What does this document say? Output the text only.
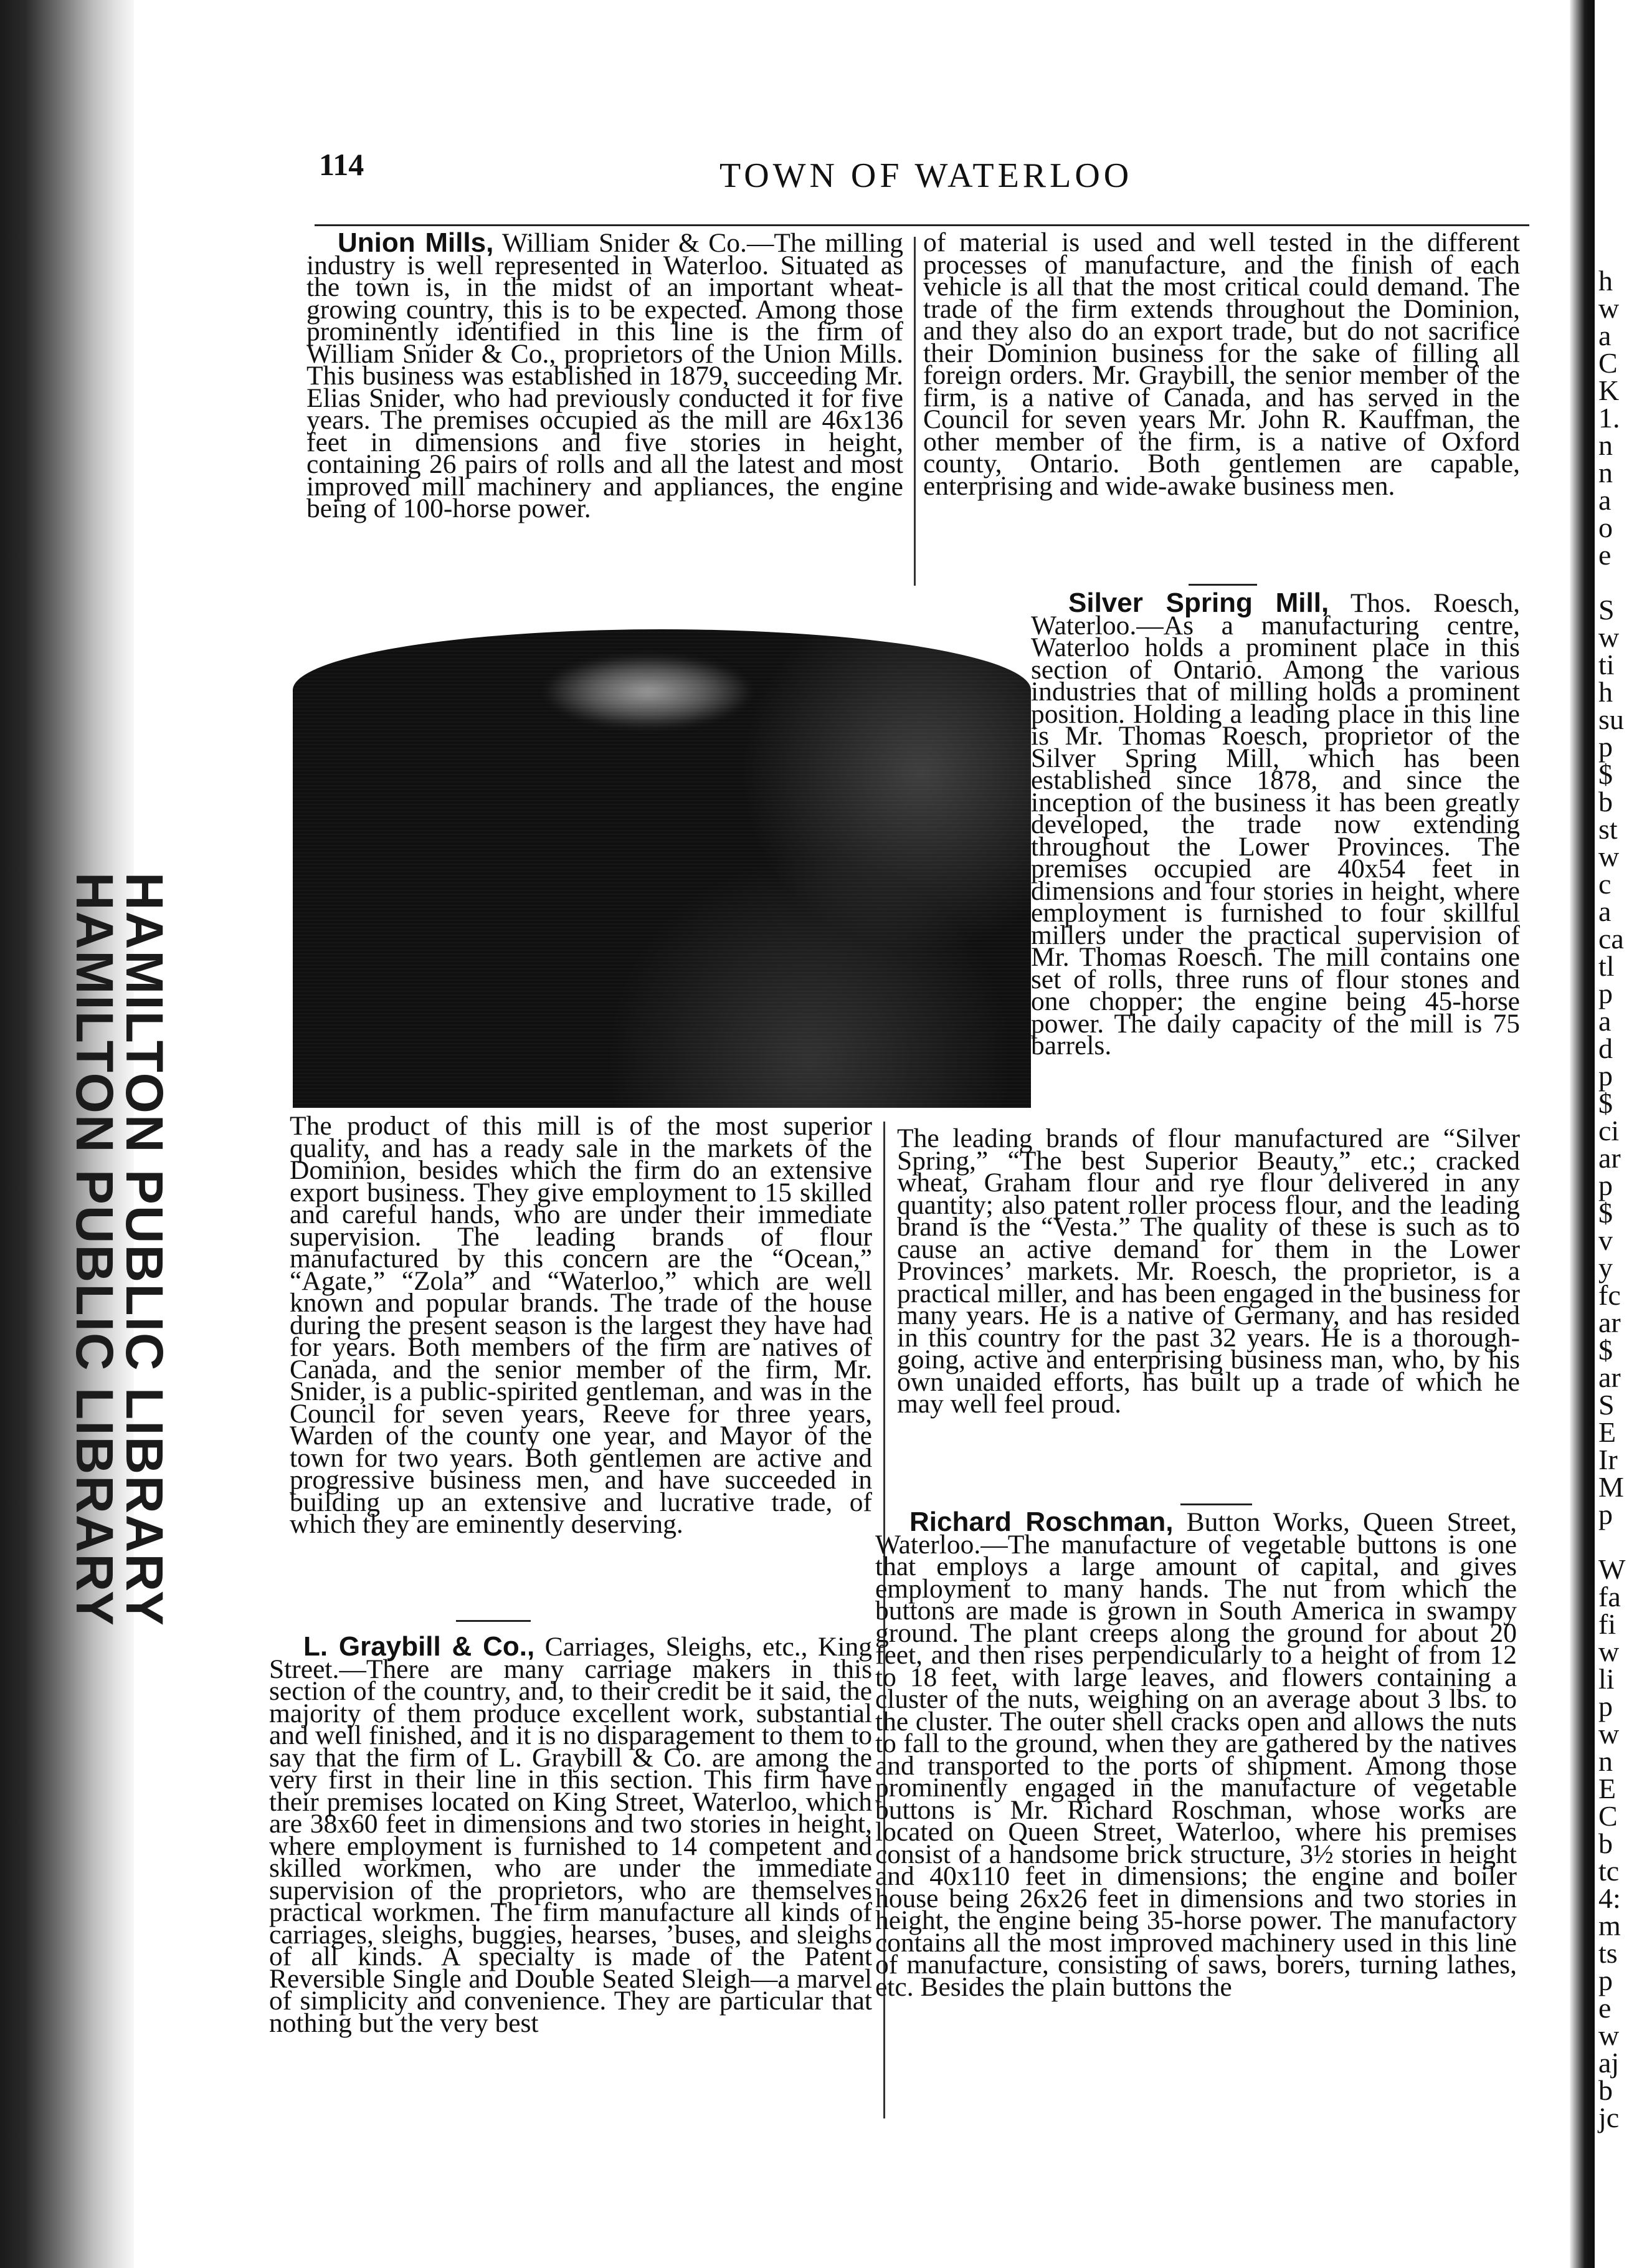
HAMILTON PUBLIC LIBRARY
HAMILTON PUBLIC LIBRARY
h
w
a
C
K
1.
n
n
a
o
e
S
w
ti
h
su
p
$
b
st
w
c
a
ca
tl
p
a
d
p
$
ci
ar
p
$
v
y
fc
ar
$
ar
S
E
Ir
M
p
W
fa
fi
w
li
p
w
n
E
C
b
tc
4:
m
ts
p
e
w
aj
b
jc
114	TOWN OF WATERLOO

Union Mills, William Snider & Co.—The milling industry is well represented in Waterloo. Situated as the town is, in the midst of an important wheat-growing country, this is to be expected. Among those prominently identified in this line is the firm of William Snider & Co., proprietors of the Union Mills. This business was established in 1879, succeeding Mr. Elias Snider, who had previously conducted it for five years. The premises occupied as the mill are 46x136 feet in dimensions and five stories in height, containing 26 pairs of rolls and all the latest and most improved mill machinery and appliances, the engine being of 100-horse power.

of material is used and well tested in the different processes of manufacture, and the finish of each vehicle is all that the most critical could demand. The trade of the firm extends throughout the Dominion, and they also do an export trade, but do not sacrifice their Dominion business for the sake of filling all foreign orders. Mr. Graybill, the senior member of the firm, is a native of Canada, and has served in the Council for seven years Mr. John R. Kauffman, the other member of the firm, is a native of Oxford county, Ontario. Both gentlemen are capable, enterprising and wide-awake business men.

Silver Spring Mill, Thos. Roesch, Waterloo.—As a manufacturing centre, Waterloo holds a prominent place in this section of Ontario. Among the various industries that of milling holds a prominent position. Holding a leading place in this line is Mr. Thomas Roesch, proprietor of the Silver Spring Mill, which has been established since 1878, and since the inception of the business it has been greatly developed, the trade now extending throughout the Lower Provinces. The premises occupied are 40x54 feet in dimensions and four stories in height, where employment is furnished to four skillful millers under the practical supervision of Mr. Thomas Roesch. The mill contains one set of rolls, three runs of flour stones and one chopper; the engine being 45-horse power. The daily capacity of the mill is 75 barrels.

The product of this mill is of the most superior quality, and has a ready sale in the markets of the Dominion, besides which the firm do an extensive export business. They give employment to 15 skilled and careful hands, who are under their immediate supervision. The leading brands of flour manufactured by this concern are the “Ocean,” “Agate,” “Zola” and “Waterloo,” which are well known and popular brands. The trade of the house during the present season is the largest they have had for years. Both members of the firm are natives of Canada, and the senior member of the firm, Mr. Snider, is a public-spirited gentleman, and was in the Council for seven years, Reeve for three years, Warden of the county one year, and Mayor of the town for two years. Both gentlemen are active and progressive business men, and have succeeded in building up an extensive and lucrative trade, of which they are eminently deserving.

The leading brands of flour manufactured are “Silver Spring,” “The best Superior Beauty,” etc.; cracked wheat, Graham flour and rye flour delivered in any quantity; also patent roller process flour, and the leading brand is the “Vesta.” The quality of these is such as to cause an active demand for them in the Lower Provinces’ markets. Mr. Roesch, the proprietor, is a practical miller, and has been engaged in the business for many years. He is a native of Germany, and has resided in this country for the past 32 years. He is a thorough-going, active and enterprising business man, who, by his own unaided efforts, has built up a trade of which he may well feel proud.

L. Graybill & Co., Carriages, Sleighs, etc., King Street.—There are many carriage makers in this section of the country, and, to their credit be it said, the majority of them produce excellent work, substantial and well finished, and it is no disparagement to them to say that the firm of L. Graybill & Co. are among the very first in their line in this section. This firm have their premises located on King Street, Waterloo, which are 38x60 feet in dimensions and two stories in height, where employment is furnished to 14 competent and skilled workmen, who are under the immediate supervision of the proprietors, who are themselves practical workmen. The firm manufacture all kinds of carriages, sleighs, buggies, hearses, ’buses, and sleighs of all kinds. A specialty is made of the Patent Reversible Single and Double Seated Sleigh—a marvel of simplicity and convenience. They are particular that nothing but the very best

Richard Roschman, Button Works, Queen Street, Waterloo.—The manufacture of vegetable buttons is one that employs a large amount of capital, and gives employment to many hands. The nut from which the buttons are made is grown in South America in swampy ground. The plant creeps along the ground for about 20 feet, and then rises perpendicularly to a height of from 12 to 18 feet, with large leaves, and flowers containing a cluster of the nuts, weighing on an average about 3 lbs. to the cluster. The outer shell cracks open and allows the nuts to fall to the ground, when they are gathered by the natives and transported to the ports of shipment. Among those prominently engaged in the manufacture of vegetable buttons is Mr. Richard Roschman, whose works are located on Queen Street, Waterloo, where his premises consist of a handsome brick structure, 3½ stories in height and 40x110 feet in dimensions; the engine and boiler house being 26x26 feet in dimensions and two stories in height, the engine being 35-horse power. The manufactory contains all the most improved machinery used in this line of manufacture, consisting of saws, borers, turning lathes, etc. Besides the plain buttons the
